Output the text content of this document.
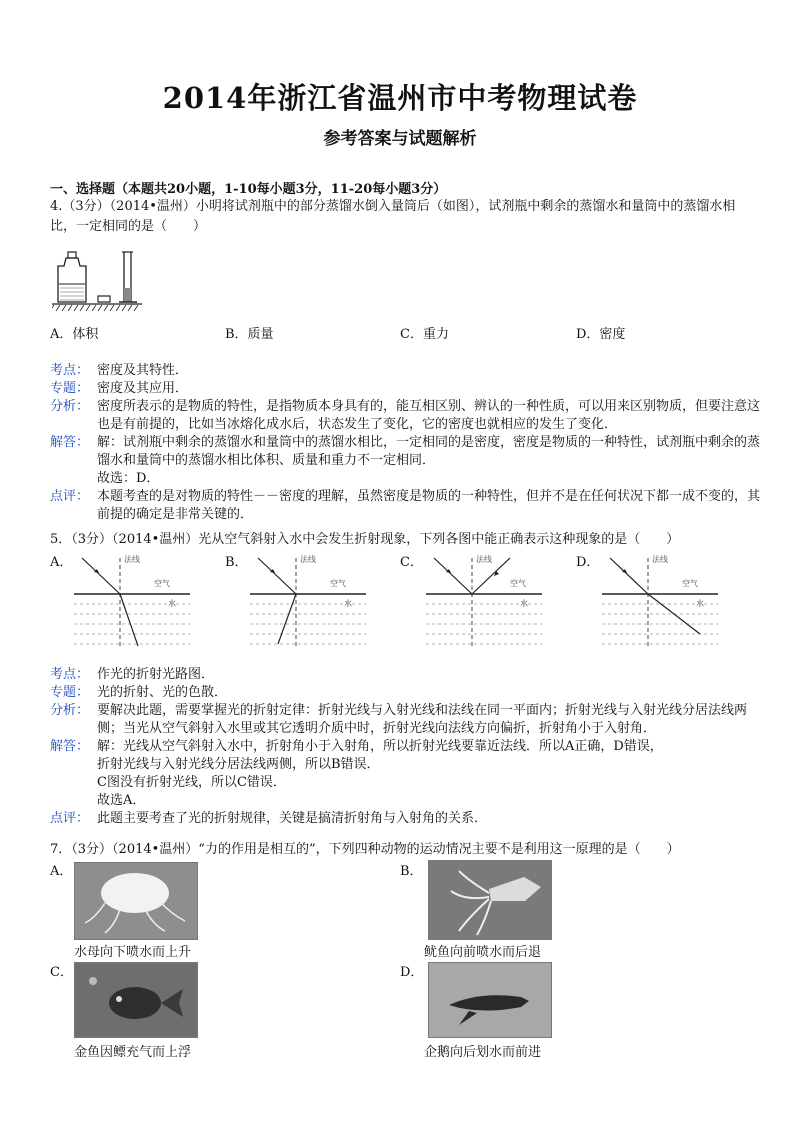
2014年浙江省温州市中考物理试卷
参考答案与试题解析
一、选择题（本题共20小题，1-10每小题3分，11-20每小题3分）
4.（3分）（2014•温州）小明将试剂瓶中的部分蒸馏水倒入量筒后（如图），试剂瓶中剩余的蒸馏水和量筒中的蒸馏水相比，一定相同的是（　　）
A．体积	B．质量	C．重力	D．密度
考点： 密度及其特性．
专题： 密度及其应用．
分析： 密度所表示的是物质的特性，是指物质本身具有的，能互相区别、辨认的一种性质，可以用来区别物质，但要注意这也是有前提的，比如当冰熔化成水后，状态发生了变化，它的密度也就相应的发生了变化．
解答： 解：试剂瓶中剩余的蒸馏水和量筒中的蒸馏水相比，一定相同的是密度，密度是物质的一种特性，试剂瓶中剩余的蒸馏水和量筒中的蒸馏水相比体积、质量和重力不一定相同．
故选：D．
点评： 本题考查的是对物质的特性－－密度的理解，虽然密度是物质的一种特性，但并不是在任何状况下都一成不变的，其前提的确定是非常关键的．
5．（3分）（2014•温州）光从空气斜射入水中会发生折射现象，下列各图中能正确表示这种现象的是（　　）
A．	B．	C．	D．
法线
空气
水
法线
空气
水
法线
空气
水
法线
空气
水
考点： 作光的折射光路图．
专题： 光的折射、光的色散．
分析： 要解决此题，需要掌握光的折射定律：折射光线与入射光线和法线在同一平面内；折射光线与入射光线分居法线两侧；当光从空气斜射入水里或其它透明介质中时，折射光线向法线方向偏折，折射角小于入射角．
解答： 解：光线从空气斜射入水中，折射角小于入射角，所以折射光线要靠近法线．所以A正确，D错误，
折射光线与入射光线分居法线两侧，所以B错误．
C图没有折射光线，所以C错误．
故选A．
点评： 此题主要考查了光的折射规律，关键是搞清折射角与入射角的关系．
7．（3分）（2014•温州）“力的作用是相互的”，下列四种动物的运动情况主要不是利用这一原理的是（　　）
A．
水母向下喷水而上升
B．
鱿鱼向前喷水而后退
C．
金鱼因鳔充气而上浮
D．
企鹅向后划水而前进
